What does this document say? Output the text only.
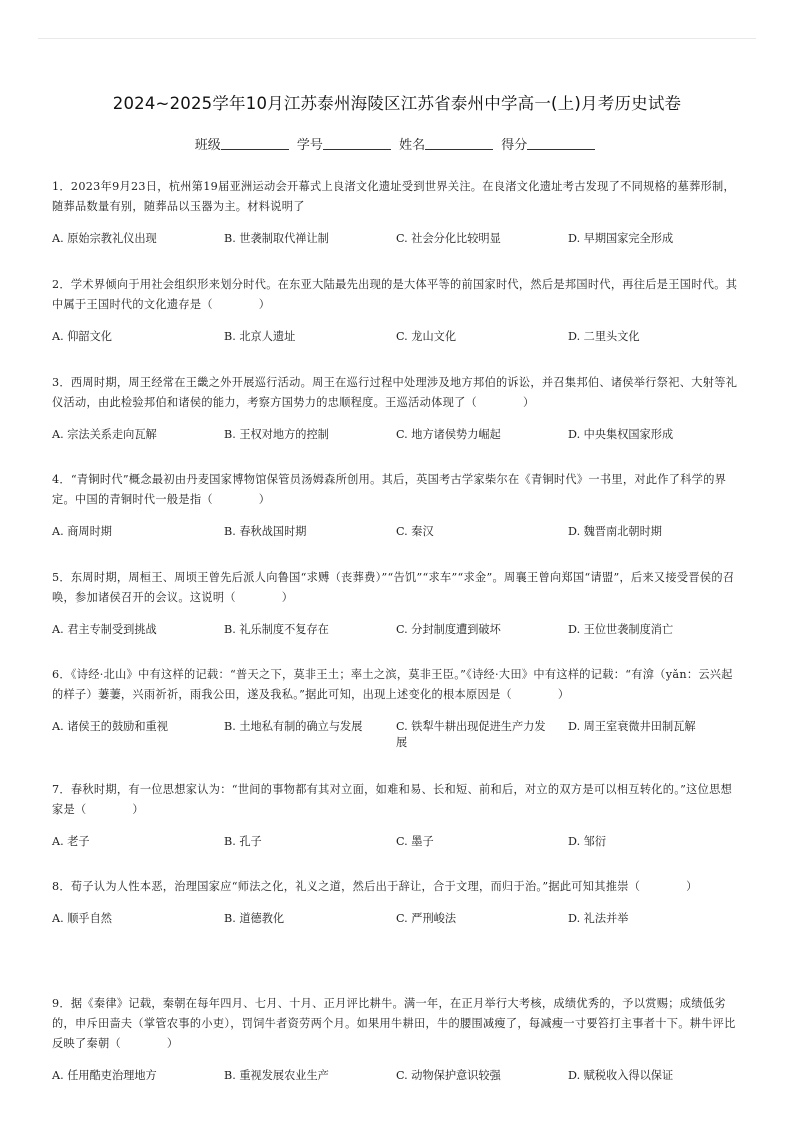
2024~2025学年10月江苏泰州海陵区江苏省泰州中学高一(上)月考历史试卷
班级	学号	姓名	得分
1．2023年9月23日，杭州第19届亚洲运动会开幕式上良渚文化遗址受到世界关注。在良渚文化遗址考古发现了不同规格的墓葬形制，随葬品数量有别，随葬品以玉器为主。材料说明了
A. 原始宗教礼仪出现	B. 世袭制取代禅让制	C. 社会分化比较明显	D. 早期国家完全形成
2．学术界倾向于用社会组织形来划分时代。在东亚大陆最先出现的是大体平等的前国家时代，然后是邦国时代，再往后是王国时代。其中属于王国时代的文化遗存是（　　　　）
A. 仰韶文化	B. 北京人遗址	C. 龙山文化	D. 二里头文化
3．西周时期，周王经常在王畿之外开展巡行活动。周王在巡行过程中处理涉及地方邦伯的诉讼，并召集邦伯、诸侯举行祭祀、大射等礼仪活动，由此检验邦伯和诸侯的能力，考察方国势力的忠顺程度。王巡活动体现了（　　　　）
A. 宗法关系走向瓦解	B. 王权对地方的控制	C. 地方诸侯势力崛起	D. 中央集权国家形成
4．“青铜时代”概念最初由丹麦国家博物馆保管员汤姆森所创用。其后，英国考古学家柴尔在《青铜时代》一书里，对此作了科学的界定。中国的青铜时代一般是指（　　　　）
A. 商周时期	B. 春秋战国时期	C. 秦汉	D. 魏晋南北朝时期
5．东周时期，周桓王、周顷王曾先后派人向鲁国“求赙（丧葬费）”“告饥”“求车”“求金”。周襄王曾向郑国“请盟”，后来又接受晋侯的召唤，参加诸侯召开的会议。这说明（　　　　）
A. 君主专制受到挑战	B. 礼乐制度不复存在	C. 分封制度遭到破坏	D. 王位世袭制度消亡
6．《诗经·北山》中有这样的记载：“普天之下，莫非王土；率土之滨，莫非王臣。”《诗经·大田》中有这样的记载：“有渰（yǎn：云兴起的样子）萋萋，兴雨祈祈，雨我公田，遂及我私。”据此可知，出现上述变化的根本原因是（　　　　）
A. 诸侯王的鼓励和重视	B. 土地私有制的确立与发展	C. 铁犁牛耕出现促进生产力发展
D. 周王室衰微井田制瓦解
7．春秋时期，有一位思想家认为：“世间的事物都有其对立面，如难和易、长和短、前和后，对立的双方是可以相互转化的。”这位思想家是（　　　　）
A. 老子	B. 孔子	C. 墨子	D. 邹衍
8．荀子认为人性本恶，治理国家应“师法之化，礼义之道，然后出于辞让，合于文理，而归于治。”据此可知其推崇（　　　　）
A. 顺乎自然	B. 道德教化	C. 严刑峻法	D. 礼法并举
9．据《秦律》记载，秦朝在每年四月、七月、十月、正月评比耕牛。满一年，在正月举行大考核，成绩优秀的，予以赏赐；成绩低劣的，申斥田啬夫（掌管农事的小吏），罚饲牛者资劳两个月。如果用牛耕田，牛的腰围减瘦了，每减瘦一寸要笞打主事者十下。耕牛评比反映了秦朝（　　　　）
A. 任用酷吏治理地方	B. 重视发展农业生产	C. 动物保护意识较强	D. 赋税收入得以保证
